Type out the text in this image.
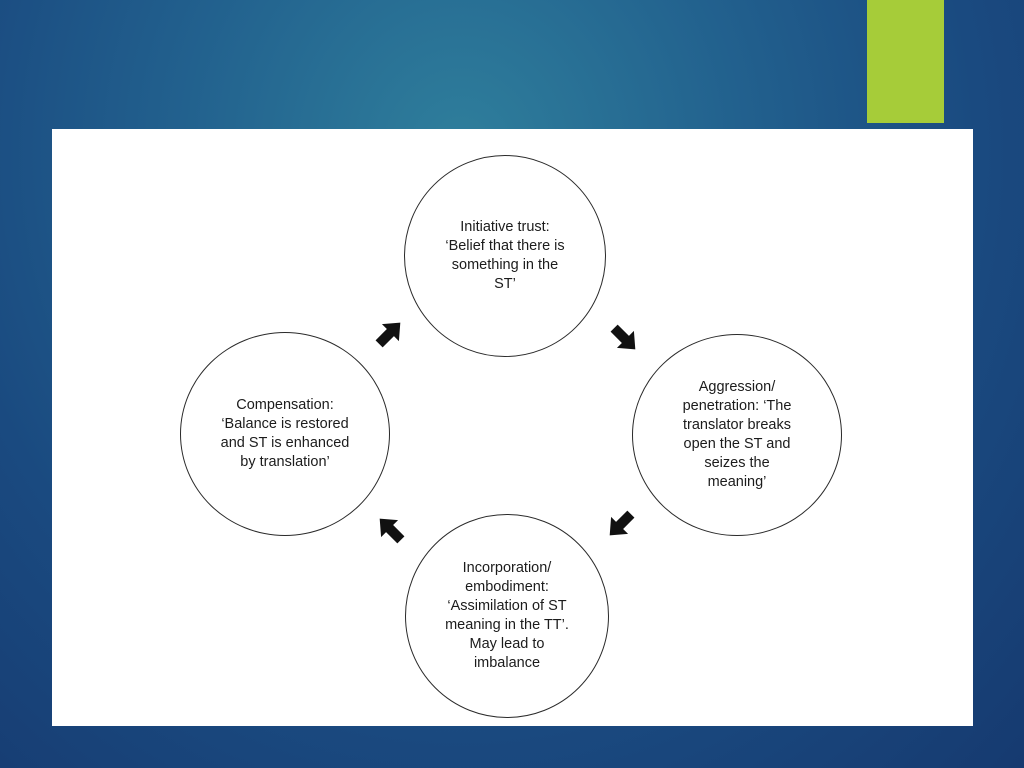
Initiative trust:
‘Belief that there is
something in the
ST’
Aggression/
penetration: ‘The
translator breaks
open the ST and
seizes the
meaning’
Incorporation/
embodiment:
‘Assimilation of ST
meaning in the TT’.
May lead to
imbalance
Compensation:
‘Balance is restored
and ST is enhanced
by translation’
